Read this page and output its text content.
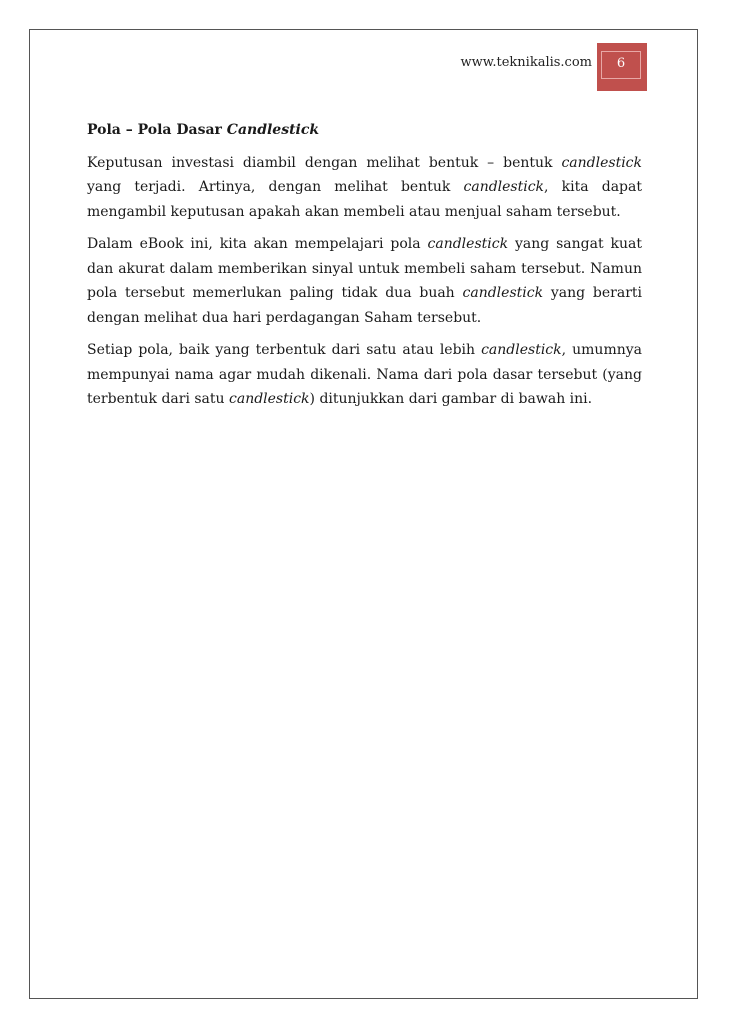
www.teknikalis.com	6

Pola – Pola Dasar Candlestick

Keputusan investasi diambil dengan melihat bentuk – bentuk candlestick yang terjadi. Artinya, dengan melihat bentuk candlestick, kita dapat mengambil keputusan apakah akan membeli atau menjual saham tersebut.

Dalam eBook ini, kita akan mempelajari pola candlestick yang sangat kuat dan akurat dalam memberikan sinyal untuk membeli saham tersebut. Namun pola tersebut memerlukan paling tidak dua buah candlestick yang berarti dengan melihat dua hari perdagangan Saham tersebut.

Setiap pola, baik yang terbentuk dari satu atau lebih candlestick, umumnya mempunyai nama agar mudah dikenali. Nama dari pola dasar tersebut (yang terbentuk dari satu candlestick) ditunjukkan dari gambar di bawah ini.
